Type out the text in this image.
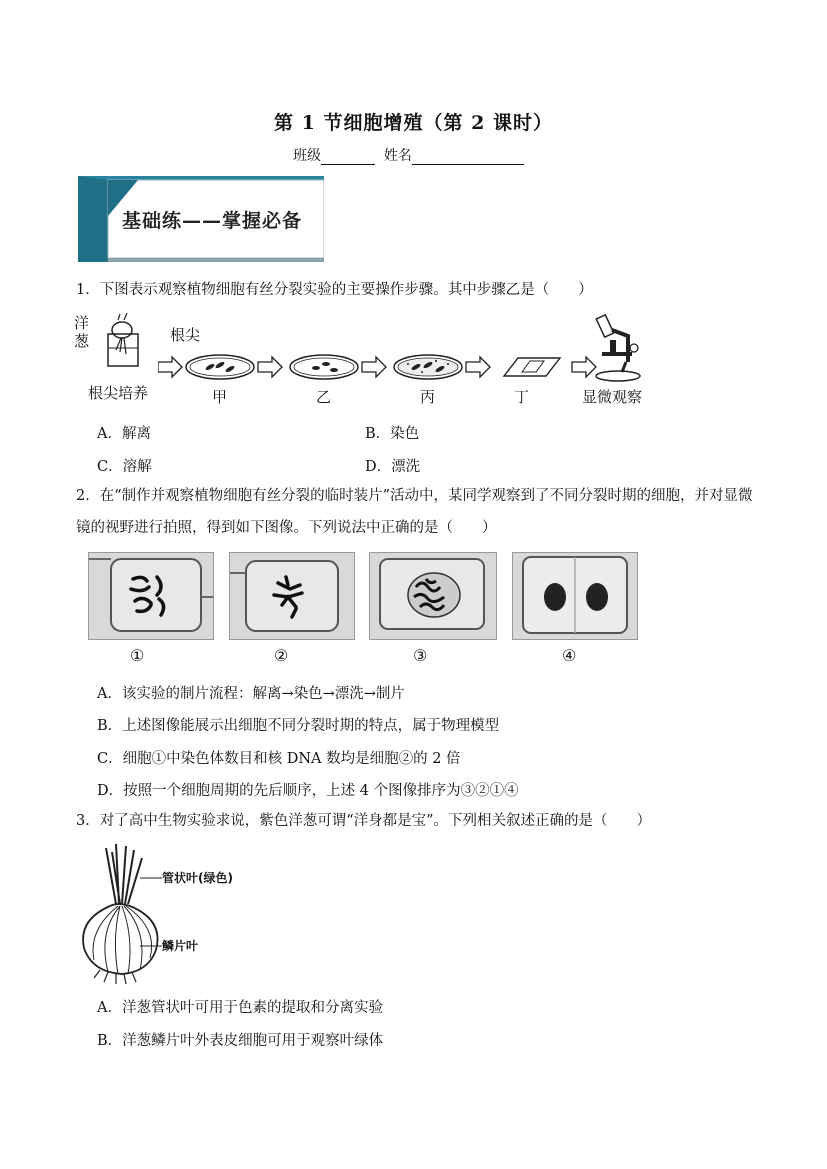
第 1 节细胞增殖（第 2 课时）
班级	姓名
基础练——掌握必备
1．下图表示观察植物细胞有丝分裂实验的主要操作步骤。其中步骤乙是（　　）
洋葱
根尖培养
根尖
甲	乙	丙	丁	显微观察
A．解离	B．染色
C．溶解	D．漂洗
2．在“制作并观察植物细胞有丝分裂的临时装片”活动中，某同学观察到了不同分裂时期的细胞，并对显微
镜的视野进行拍照，得到如下图像。下列说法中正确的是（　　）
①	②	③	④
A．该实验的制片流程：解离→染色→漂洗→制片
B．上述图像能展示出细胞不同分裂时期的特点，属于物理模型
C．细胞①中染色体数目和核 DNA 数均是细胞②的 2 倍
D．按照一个细胞周期的先后顺序，上述 4 个图像排序为③②①④
3．对了高中生物实验求说，紫色洋葱可谓“洋身都是宝”。下列相关叙述正确的是（　　）
管状叶(绿色)
鳞片叶
A．洋葱管状叶可用于色素的提取和分离实验
B．洋葱鳞片叶外表皮细胞可用于观察叶绿体
